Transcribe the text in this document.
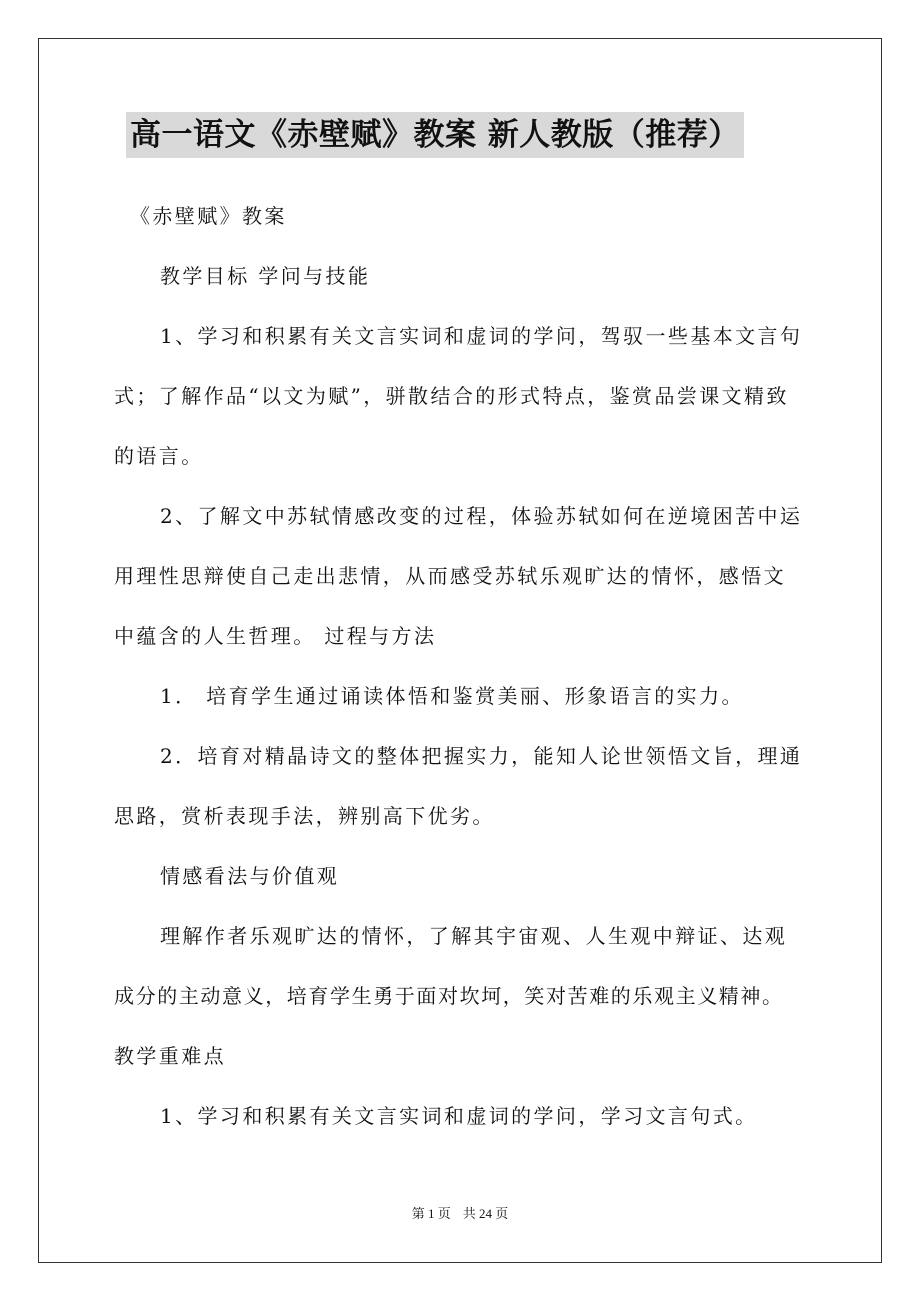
高一语文《赤壁赋》教案 新人教版（推荐）
《赤壁赋》教案
教学目标 学问与技能
1、学习和积累有关文言实词和虚词的学问，驾驭一些基本文言句
式；了解作品“以文为赋”，骈散结合的形式特点，鉴赏品尝课文精致
的语言。
2、了解文中苏轼情感改变的过程，体验苏轼如何在逆境困苦中运
用理性思辩使自己走出悲情，从而感受苏轼乐观旷达的情怀，感悟文
中蕴含的人生哲理。 过程与方法
1． 培育学生通过诵读体悟和鉴赏美丽、形象语言的实力。
2．培育对精晶诗文的整体把握实力，能知人论世领悟文旨，理通
思路，赏析表现手法，辨别高下优劣。
情感看法与价值观
理解作者乐观旷达的情怀，了解其宇宙观、人生观中辩证、达观
成分的主动意义，培育学生勇于面对坎坷，笑对苦难的乐观主义精神。
教学重难点
1、学习和积累有关文言实词和虚词的学问，学习文言句式。
第 1 页 共 24 页
